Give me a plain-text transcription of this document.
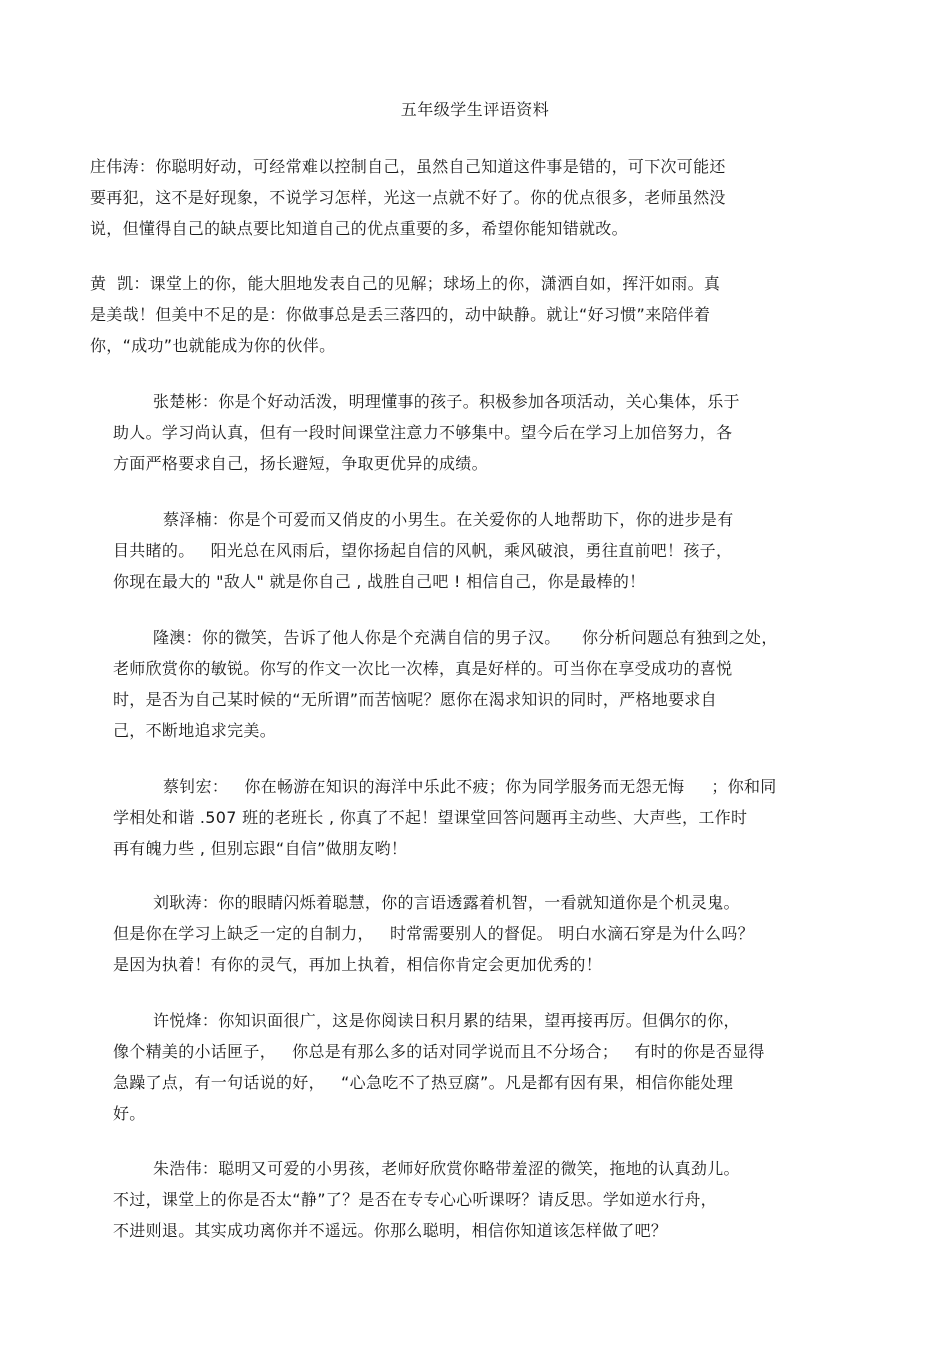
五年级学生评语资料
庄伟涛：你聪明好动，可经常难以控制自己，虽然自己知道这件事是错的，可下次可能还
要再犯，这不是好现象，不说学习怎样，光这一点就不好了。你的优点很多，老师虽然没
说，但懂得自己的缺点要比知道自己的优点重要的多，希望你能知错就改。
黄  凯：课堂上的你，能大胆地发表自己的见解；球场上的你，潇洒自如，挥汗如雨。真
是美哉！但美中不足的是：你做事总是丢三落四的，动中缺静。就让“好习惯”来陪伴着
你，“成功”也就能成为你的伙伴。
张楚彬：你是个好动活泼，明理懂事的孩子。积极参加各项活动，关心集体，乐于
助人。学习尚认真，但有一段时间课堂注意力不够集中。望今后在学习上加倍努力，各
方面严格要求自己，扬长避短，争取更优异的成绩。
蔡泽楠：你是个可爱而又俏皮的小男生。在关爱你的人地帮助下，你的进步是有
目共睹的。   阳光总在风雨后，望你扬起自信的风帆，乘风破浪，勇往直前吧！孩子，
你现在最大的 "敌人" 就是你自己 , 战胜自己吧 ! 相信自己，你是最棒的！
隆澳：你的微笑，告诉了他人你是个充满自信的男子汉。    你分析问题总有独到之处，
老师欣赏你的敏锐。你写的作文一次比一次棒，真是好样的。可当你在享受成功的喜悦
时，是否为自己某时候的“无所谓”而苦恼呢？愿你在渴求知识的同时，严格地要求自
己，不断地追求完美。
蔡钊宏：   你在畅游在知识的海洋中乐此不疲；你为同学服务而无怨无悔     ；你和同
学相处和谐 .507 班的老班长 , 你真了不起！望课堂回答问题再主动些、大声些，工作时
再有魄力些 , 但别忘跟“自信”做朋友哟！
刘耿涛：你的眼睛闪烁着聪慧，你的言语透露着机智，一看就知道你是个机灵鬼。
但是你在学习上缺乏一定的自制力，   时常需要别人的督促。 明白水滴石穿是为什么吗？
是因为执着！有你的灵气，再加上执着，相信你肯定会更加优秀的！
许悦烽：你知识面很广，这是你阅读日积月累的结果，望再接再厉。但偶尔的你，
像个精美的小话匣子，   你总是有那么多的话对同学说而且不分场合；   有时的你是否显得
急躁了点，有一句话说的好，   “心急吃不了热豆腐”。凡是都有因有果，相信你能处理
好。
朱浩伟：聪明又可爱的小男孩，老师好欣赏你略带羞涩的微笑，拖地的认真劲儿。
不过，课堂上的你是否太“静”了？是否在专专心心听课呀？请反思。学如逆水行舟，
不进则退。其实成功离你并不遥远。你那么聪明，相信你知道该怎样做了吧？
